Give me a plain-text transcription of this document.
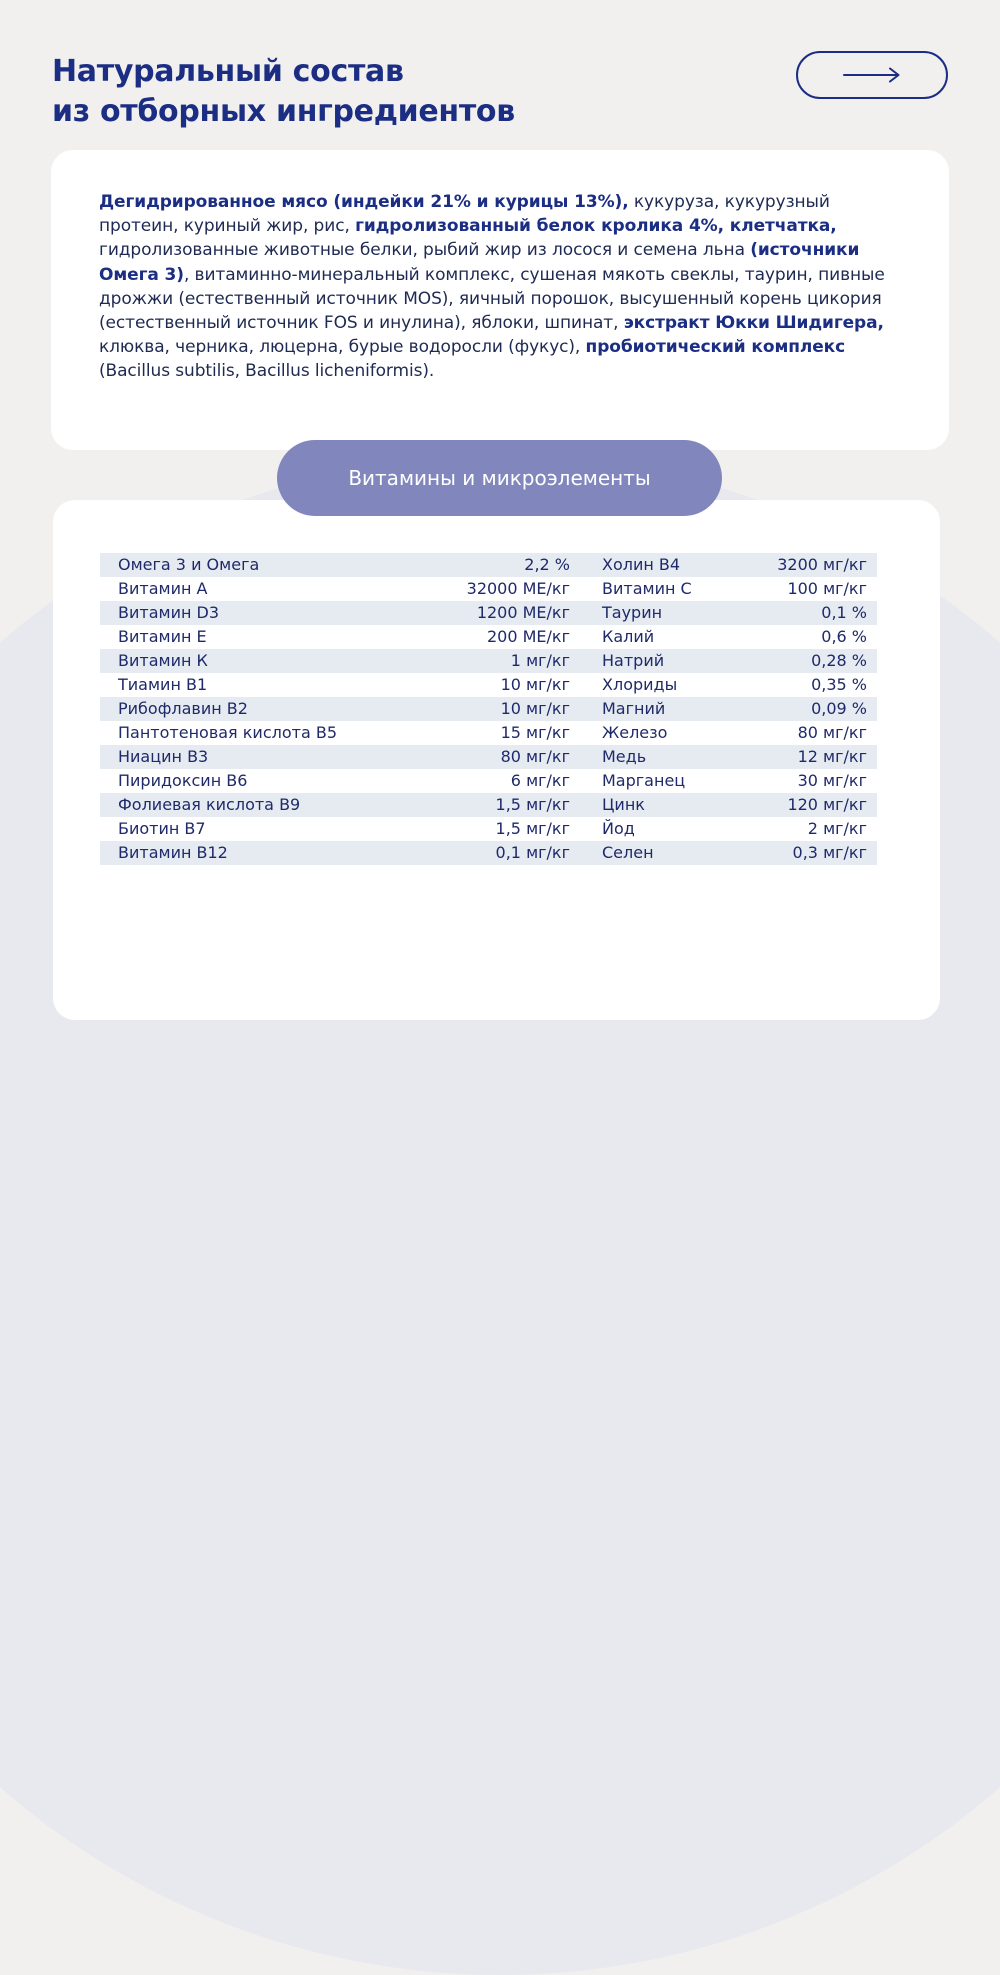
Натуральный состав
из отборных ингредиентов

Дегидрированное мясо (индейки 21% и курицы 13%), кукуруза, кукурузный протеин, куриный жир, рис, гидролизованный белок кролика 4%, клетчатка, гидролизованные животные белки, рыбий жир из лосося и семена льна (источники Омега 3), витаминно-минеральный комплекс, сушеная мякоть свеклы, таурин, пивные дрожжи (естественный источник MOS), яичный порошок, высушенный корень цикория (естественный источник FOS и инулина), яблоки, шпинат, экстракт Юкки Шидигера, клюква, черника, люцерна, бурые водоросли (фукус), пробиотический комплекс (Bacillus subtilis, Bacillus licheniformis).

Витамины и микроэлементы
Омега 3 и Омега	2,2 %	Холин B4	3200 мг/кг
Витамин А	32000 МЕ/кг	Витамин С	100 мг/кг
Витамин D3	1200 МЕ/кг	Таурин	0,1 %
Витамин Е	200 МЕ/кг	Калий	0,6 %
Витамин К	1 мг/кг	Натрий	0,28 %
Тиамин В1	10 мг/кг	Хлориды	0,35 %
Рибофлавин В2	10 мг/кг	Магний	0,09 %
Пантотеновая кислота В5	15 мг/кг	Железо	80 мг/кг
Ниацин В3	80 мг/кг	Медь	12 мг/кг
Пиридоксин В6	6 мг/кг	Марганец	30 мг/кг
Фолиевая кислота В9	1,5 мг/кг	Цинк	120 мг/кг
Биотин В7	1,5 мг/кг	Йод	2 мг/кг
Витамин В12	0,1 мг/кг	Селен	0,3 мг/кг
